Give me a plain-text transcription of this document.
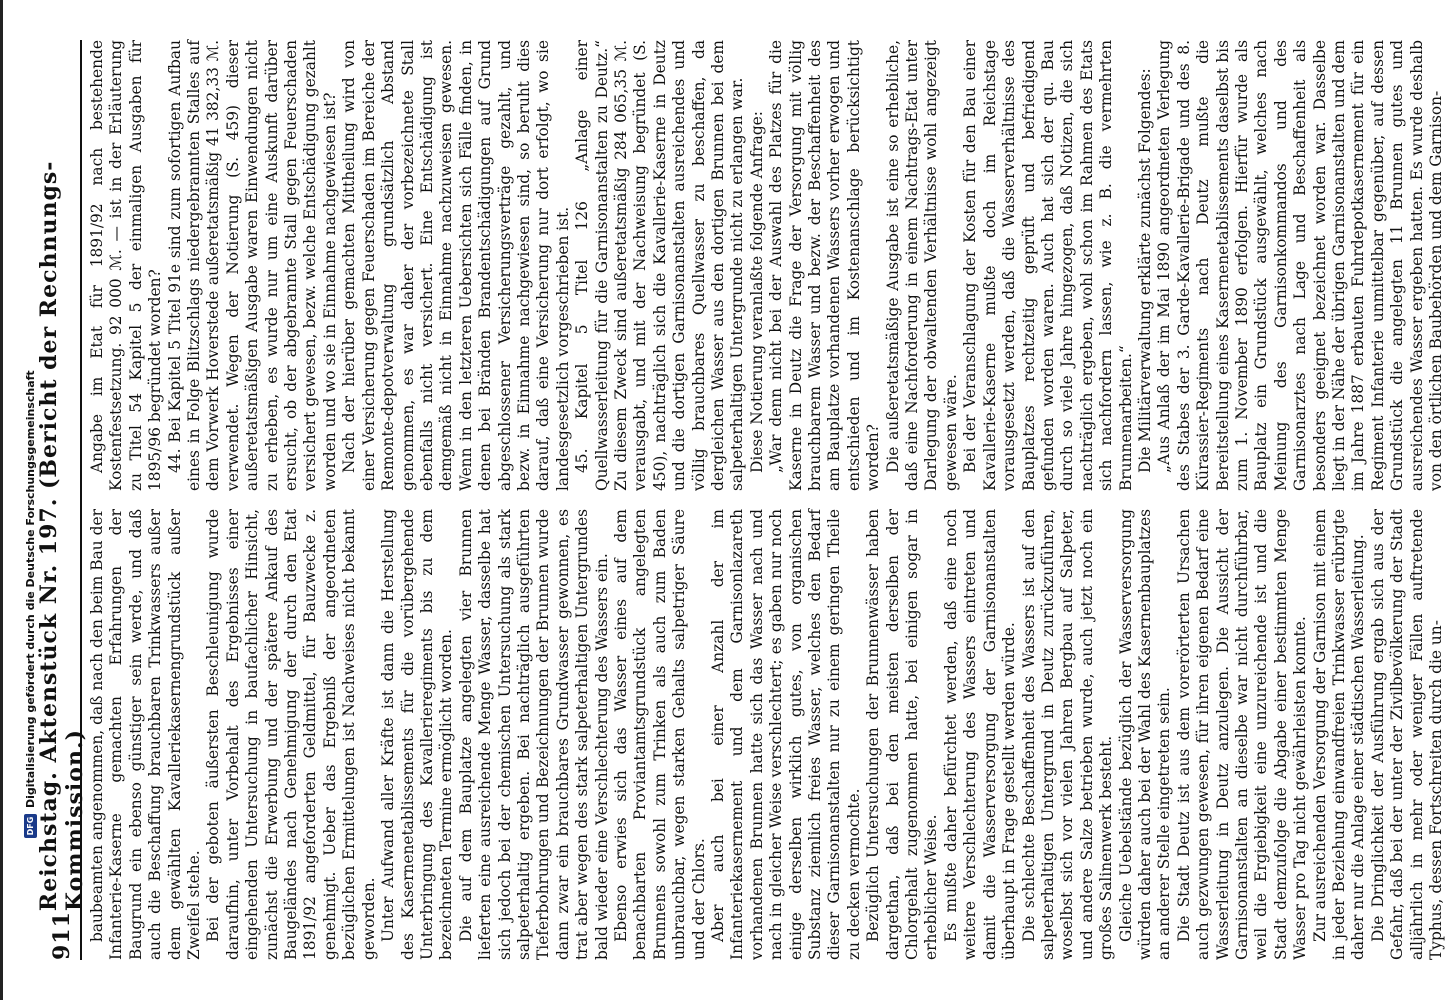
911
Reichstag. Aktenstück Nr. 197. (Bericht der Rechnungs-Kommission.) baubeamten angenommen, daß nach den beim Bau der Infanterie-Kaserne gemachten Erfahrungen der Baugrund ein ebenso günstiger sein werde, und daß auch die Beschaffung brauchbaren Trinkwassers außer dem gewählten Kavalleriekasernengrundstück außer Zweifel stehe. Bei der geboten äußersten Beschleunigung wurde daraufhin, unter Vorbehalt des Ergebnisses einer eingehenden Untersuchung in baufachlicher Hinsicht, zunächst die Erwerbung und der spätere Ankauf des Baugeländes nach Genehmigung der durch den Etat 1891/92 angeforderten Geldmittel, für Bauzwecke z. genehmigt. Ueber das Ergebniß der angeordneten bezüglichen Ermittelungen ist Nachweises nicht bekannt geworden. Unter Aufwand aller Kräfte ist dann die Herstellung des Kasernenetablissements für die vorübergehende Unterbringung des Kavallerieregiments bis zu dem bezeichneten Termine ermöglicht worden. Die auf dem Bauplatze angelegten vier Brunnen lieferten eine ausreichende Menge Wasser, dasselbe hat sich jedoch bei der chemischen Untersuchung als stark salpeterhaltig ergeben. Bei nachträglich ausgeführten Tieferbohrungen und Bezeichnungen der Brunnen wurde dann zwar ein brauchbares Grundwasser gewonnen, es trat aber wegen des stark salpeterhaltigen Untergrundes bald wieder eine Verschlechterung des Wassers ein. Ebenso erwies sich das Wasser eines auf dem benachbarten Proviantamtsgrundstück angelegten Brunnens sowohl zum Trinken als auch zum Baden unbrauchbar, wegen starken Gehalts salpetriger Säure und der Chlors. Aber auch bei einer Anzahl der im Infanteriekasernement und dem Garnisonlazareth vorhandenen Brunnen hatte sich das Wasser nach und nach in gleicher Weise verschlechtert; es gaben nur noch einige derselben wirklich gutes, von organischen Substanz ziemlich freies Wasser, welches den Bedarf dieser Garnisonanstalten nur zu einem geringen Theile zu decken vermochte. Bezüglich Untersuchungen der Brunnenwässer haben dargethan, daß bei den meisten derselben der Chlorgehalt zugenommen hatte, bei einigen sogar in erheblicher Weise. Es mußte daher befürchtet werden, daß eine noch weitere Verschlechterung des Wassers eintreten und damit die Wasserversorgung der Garnisonanstalten überhaupt in Frage gestellt werden würde. Die schlechte Beschaffenheit des Wassers ist auf den salpeterhaltigen Untergrund in Deutz zurückzuführen, woselbst sich vor vielen Jahren Bergbau auf Salpeter, und andere Salze betrieben wurde, auch jetzt noch ein großes Salinenwerk besteht. Gleiche Uebelstände bezüglich der Wasserversorgung würden daher auch bei der Wahl des Kasernenbauplatzes an anderer Stelle eingetreten sein. Die Stadt Deutz ist aus dem vorerörterten Ursachen auch gezwungen gewesen, für ihren eigenen Bedarf eine Wasserleitung in Deutz anzulegen. Die Aussicht der Garnisonanstalten an dieselbe war nicht durchführbar, weil die Ergiebigkeit eine unzureichende ist und die Stadt demzufolge die Abgabe einer bestimmten Menge Wasser pro Tag nicht gewährleisten konnte. Zur ausreichenden Versorgung der Garnison mit einem in jeder Beziehung einwandfreien Trinkwasser erübrigte daher nur die Anlage einer städtischen Wasserleitung. Die Dringlichkeit der Ausführung ergab sich aus der Gefahr, daß bei der unter der Zivilbevölkerung der Stadt alljährlich in mehr oder weniger Fällen auftretende Typhus, dessen Fortschreiten durch die un-

Angabe im Etat für 1891/92 nach bestehende Kostenfestsetzung. 92 000 ℳ. — ist in der Erläuterung zu Titel 54 Kapitel 5 der einmaligen Ausgaben für 1895/96 begründet worden? 44. Bei Kapitel 5 Titel 91e sind zum sofortigen Aufbau eines in Folge Blitzschlags niedergebrannten Stalles auf dem Vorwerk Hoverstede außeretatsmäßig 41 382,33 ℳ. verwendet. Wegen der Notierung (S. 459) dieser außeretatsmäßigen Ausgabe waren Einwendungen nicht zu erheben, es wurde nur um eine Auskunft darüber ersucht, ob der abgebrannte Stall gegen Feuerschaden versichert gewesen, bezw. welche Entschädigung gezahlt worden und wo sie in Einnahme nachgewiesen ist? Nach der hierüber gemachten Mittheilung wird von einer Versicherung gegen Feuerschaden im Bereiche der Remonte-depotverwaltung grundsätzlich Abstand genommen, es war daher der vorbezeichnete Stall ebenfalls nicht versichert. Eine Entschädigung ist demgemäß nicht in Einnahme nachzuweisen gewesen. Wenn in den letzteren Uebersichten sich Fälle finden, in denen bei Bränden Brandentschädigungen auf Grund abgeschlossener Versicherungsverträge gezahlt, und bezw. in Einnahme nachgewiesen sind, so beruht dies darauf, daß eine Versicherung nur dort erfolgt, wo sie landesgesetzlich vorgeschrieben ist. 45. Kapitel 5 Titel 126 „Anlage einer Quellwasserleitung für die Garnisonanstalten zu Deutz.“ Zu diesem Zweck sind außeretatsmäßig 284 065,35 ℳ. verausgabt, und mit der Nachweisung begründet (S. 450), nachträglich sich die Kavallerie-Kaserne in Deutz und die dortigen Garnisonanstalten ausreichendes und völlig brauchbares Quellwasser zu beschaffen, da dergleichen Wasser aus den dortigen Brunnen bei dem salpeterhaltigen Untergrunde nicht zu erlangen war. Diese Notierung veranlaßte folgende Anfrage: „War denn nicht bei der Auswahl des Platzes für die Kaserne in Deutz die Frage der Versorgung mit völlig brauchbarem Wasser und bezw. der Beschaffenheit des am Bauplatze vorhandenen Wassers vorher erwogen und entschieden und im Kostenanschlage berücksichtigt worden? Die außeretatsmäßige Ausgabe ist eine so erhebliche, daß eine Nachforderung in einem Nachtrags-Etat unter Darlegung der obwaltenden Verhältnisse wohl angezeigt gewesen wäre. Bei der Veranschlagung der Kosten für den Bau einer Kavallerie-Kaserne mußte doch im Reichstage vorausgesetzt werden, daß die Wasserverhältnisse des Bauplatzes rechtzeitig geprüft und befriedigend gefunden worden waren. Auch hat sich der qu. Bau durch so viele Jahre hingezogen, daß Notizen, die sich nachträglich ergeben, wohl schon im Rahmen des Etats sich nachfordern lassen, wie z. B. die vermehrten Brunnenarbeiten.“ Die Militärverwaltung erklärte zunächst Folgendes: „Aus Anlaß der im Mai 1890 angeordneten Verlegung des Stabes der 3. Garde-Kavallerie-Brigade und des 8. Kürassier-Regiments nach Deutz mußte die Bereitstellung eines Kasernenetablissements daselbst bis zum 1. November 1890 erfolgen. Hierfür wurde als Bauplatz ein Grundstück ausgewählt, welches nach Meinung des Garnisonkommandos und des Garnisonarztes nach Lage und Beschaffenheit als besonders geeignet bezeichnet worden war. Dasselbe liegt in der Nähe der übrigen Garnisonanstalten und dem im Jahre 1887 erbauten Fuhrdepotkasernement für ein Regiment Infanterie unmittelbar gegenüber, auf dessen Grundstück die angelegten 11 Brunnen gutes und ausreichendes Wasser ergeben hatten. Es wurde deshalb von den örtlichen Baubehörden und dem Garnison-

DFG
Digitalisierung gefördert durch die Deutsche Forschungsgemeinschaft
